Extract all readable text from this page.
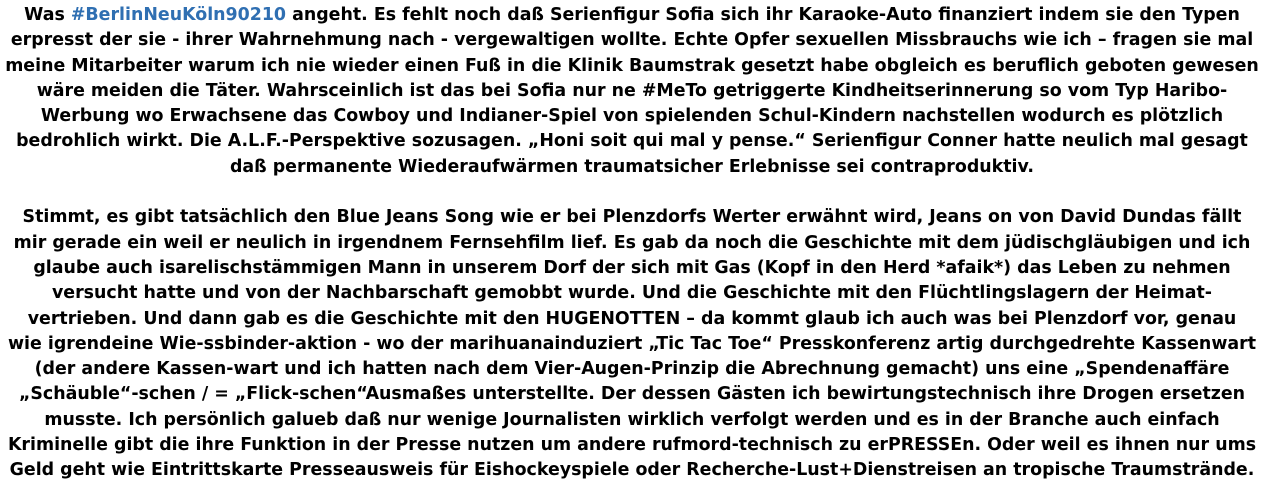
Was #BerlinNeuKöln90210 angeht. Es fehlt noch daß Serienfigur Sofia sich ihr Karaoke-Auto finanziert indem sie den Typen
erpresst der sie - ihrer Wahrnehmung nach - vergewaltigen wollte. Echte Opfer sexuellen Missbrauchs wie ich – fragen sie mal
meine Mitarbeiter warum ich nie wieder einen Fuß in die Klinik Baumstrak gesetzt habe obgleich es beruflich geboten gewesen
wäre meiden die Täter. Wahrsceinlich ist das bei Sofia nur ne #MeTo getriggerte Kindheitserinnerung so vom Typ Haribo-
Werbung wo Erwachsene das Cowboy und Indianer-Spiel von spielenden Schul-Kindern nachstellen wodurch es plötzlich
bedrohlich wirkt. Die A.L.F.-Perspektive sozusagen. „Honi soit qui mal y pense.“ Serienfigur Conner hatte neulich mal gesagt
daß permanente Wiederaufwärmen traumatsicher Erlebnisse sei contraproduktiv.
Stimmt, es gibt tatsächlich den Blue Jeans Song wie er bei Plenzdorfs Werter erwähnt wird, Jeans on von David Dundas fällt
mir gerade ein weil er neulich in irgendnem Fernsehfilm lief. Es gab da noch die Geschichte mit dem jüdischgläubigen und ich
glaube auch isarelischstämmigen Mann in unserem Dorf der sich mit Gas (Kopf in den Herd *afaik*) das Leben zu nehmen
versucht hatte und von der Nachbarschaft gemobbt wurde. Und die Geschichte mit den Flüchtlingslagern der Heimat-
vertrieben. Und dann gab es die Geschichte mit den HUGENOTTEN – da kommt glaub ich auch was bei Plenzdorf vor, genau
wie igrendeine Wie-ssbinder-aktion - wo der marihuanainduziert „Tic Tac Toe“ Presskonferenz artig durchgedrehte Kassenwart
(der andere Kassen-wart und ich hatten nach dem Vier-Augen-Prinzip die Abrechnung gemacht) uns eine „Spendenaffäre
„Schäuble“-schen / = „Flick-schen“Ausmaßes unterstellte. Der dessen Gästen ich bewirtungstechnisch ihre Drogen ersetzen
musste. Ich persönlich galueb daß nur wenige Journalisten wirklich verfolgt werden und es in der Branche auch einfach
Kriminelle gibt die ihre Funktion in der Presse nutzen um andere rufmord-technisch zu erPRESSEn. Oder weil es ihnen nur ums
Geld geht wie Eintrittskarte Presseausweis für Eishockeyspiele oder Recherche-Lust+Dienstreisen an tropische Traumstrände.
